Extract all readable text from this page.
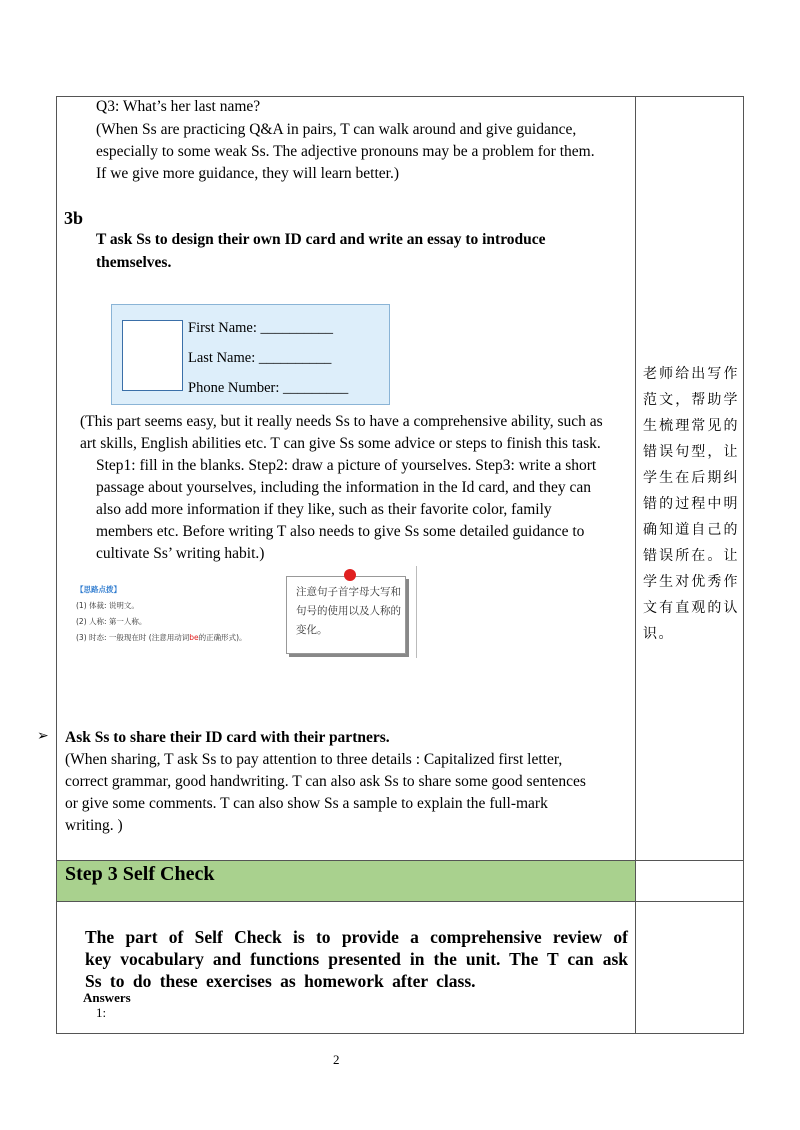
Q3: What’s her last name?
(When Ss are practicing Q&A in pairs, T can walk around and give guidance,
especially to some weak Ss. The adjective pronouns may be a problem for them.
If we give more guidance, they will learn better.)
3b
T ask Ss to design their own ID card and write an essay to introduce
themselves.
First Name: __________
Last Name: __________
Phone Number: _________
(This part seems easy, but it really needs Ss to have a comprehensive ability, such as
art skills, English abilities etc. T can give Ss some advice or steps to finish this task.
Step1: fill in the blanks. Step2: draw a picture of yourselves. Step3: write a short
passage about yourselves, including the information in the Id card, and they can
also add more information if they like, such as their favorite color, family
members etc. Before writing T also needs to give Ss some detailed guidance to
cultivate Ss’ writing habit.)
【思路点拨】
(1) 体裁: 说明文。
(2) 人称: 第一人称。
(3) 时态: 一般现在时 (注意用动词be的正确形式)。
注意句子首字母大写和句号的使用以及人称的变化。
➢ Ask Ss to share their ID card with their partners.
(When sharing, T ask Ss to pay attention to three details : Capitalized first letter,
correct grammar, good handwriting. T can also ask Ss to share some good sentences
or give some comments. T can also show Ss a sample to explain the full-mark
writing. )
老师给出写作范文，帮助学生梳理常见的错误句型，让学生在后期纠错的过程中明确知道自己的错误所在。让学生对优秀作文有直观的认识。
Step 3 Self Check
The part of Self Check is to provide a comprehensive review of key vocabulary and functions presented in the unit. The T can ask Ss to do these exercises as homework after class.
Answers
1:
2
